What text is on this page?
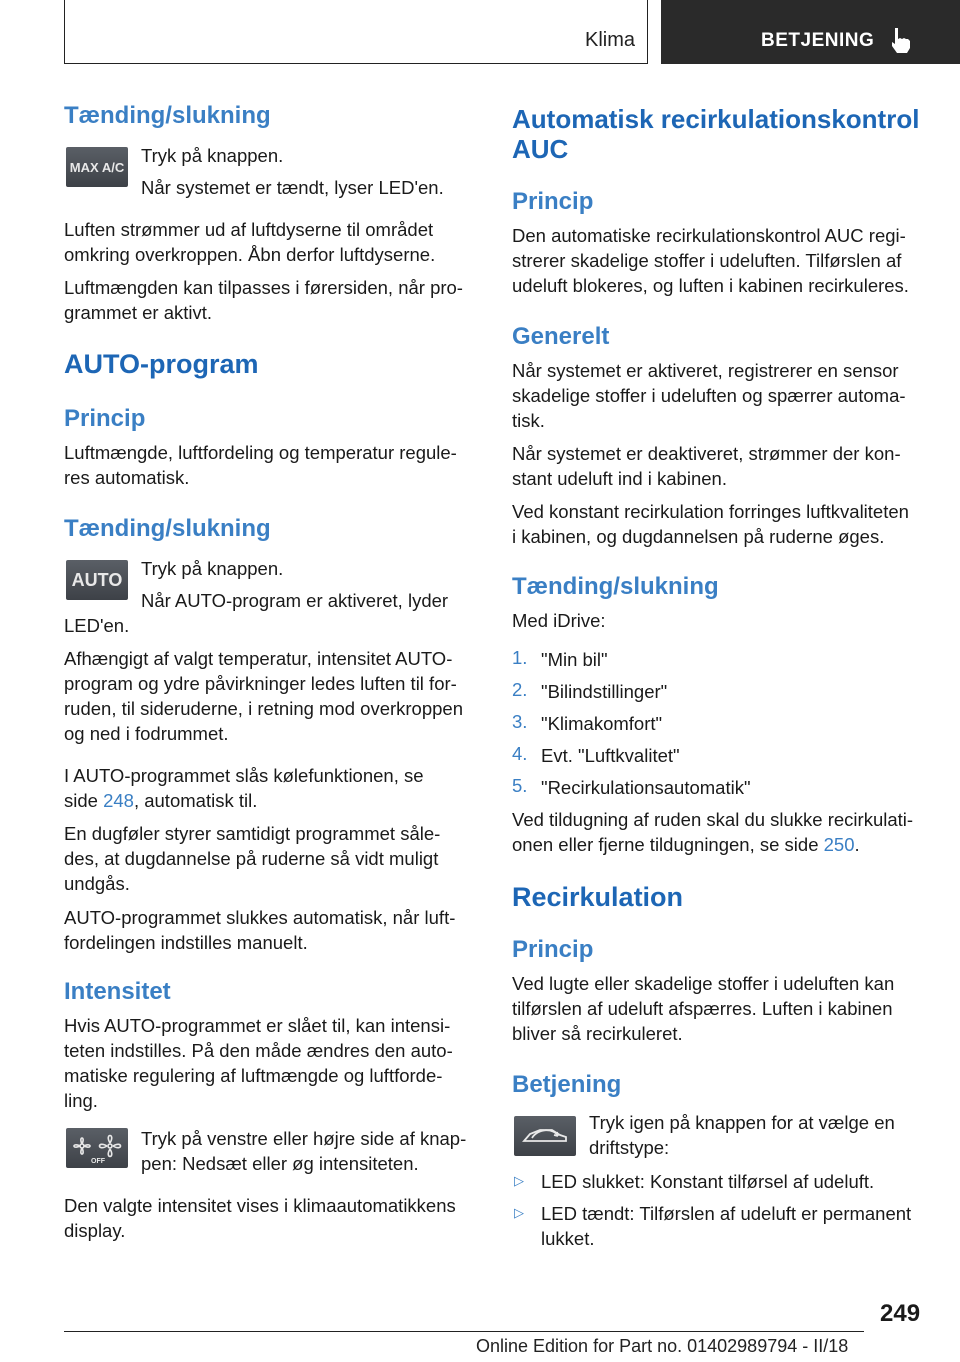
Klima	BETJENING
Tænding/slukning
MAX A/C

Tryk på knappen.

Når systemet er tændt, lyser LED'en.

Luften strømmer ud af luftdyserne til området

omkring overkroppen. Åbn derfor luftdyserne.

Luftmængden kan tilpasses i førersiden, når pro‐

grammet er aktivt.

AUTO-program
Princip

Luftmængde, luftfordeling og temperatur regule‐

res automatisk.

Tænding/slukning
AUTO

Tryk på knappen.

Når AUTO-program er aktiveret, lyder

LED'en.

Afhængigt af valgt temperatur, intensitet AUTO-

program og ydre påvirkninger ledes luften til for‐

ruden, til sideruderne, i retning mod overkroppen

og ned i fodrummet.

I AUTO-programmet slås kølefunktionen, se

side 248, automatisk til.

En dugføler styrer samtidigt programmet såle‐

des, at dugdannelse på ruderne så vidt muligt

undgås.

AUTO-programmet slukkes automatisk, når luft‐

fordelingen indstilles manuelt.

Intensitet

Hvis AUTO-programmet er slået til, kan intensi‐

teten indstilles. På den måde ændres den auto‐

matiske regulering af luftmængde og luftforde‐

ling.

OFF

Tryk på venstre eller højre side af knap‐

pen: Nedsæt eller øg intensiteten.

Den valgte intensitet vises i klimaautomatikkens

display.

Automatisk recirkulationskontrol
AUC
Princip

Den automatiske recirkulationskontrol AUC regi‐

strerer skadelige stoffer i udeluften. Tilførslen af

udeluft blokeres, og luften i kabinen recirkuleres.

Generelt

Når systemet er aktiveret, registrerer en sensor

skadelige stoffer i udeluften og spærrer automa‐

tisk.

Når systemet er deaktiveret, strømmer der kon‐

stant udeluft ind i kabinen.

Ved konstant recirkulation forringes luftkvaliteten

i kabinen, og dugdannelsen på ruderne øges.

Tænding/slukning

Med iDrive:

1. "Min bil"
2. "Bilindstillinger"
3. "Klimakomfort"
4. Evt. "Luftkvalitet"
5. "Recirkulationsautomatik"

Ved tildugning af ruden skal du slukke recirkulati‐

onen eller fjerne tildugningen, se side 250.

Recirkulation
Princip

Ved lugte eller skadelige stoffer i udeluften kan

tilførslen af udeluft afspærres. Luften i kabinen

bliver så recirkuleret.

Betjening

Tryk igen på knappen for at vælge en

driftstype:

▷ LED slukket: Konstant tilførsel af udeluft.

▷ LED tændt: Tilførslen af udeluft er permanent

lukket.

249
Online Edition for Part no. 01402989794 - II/18
